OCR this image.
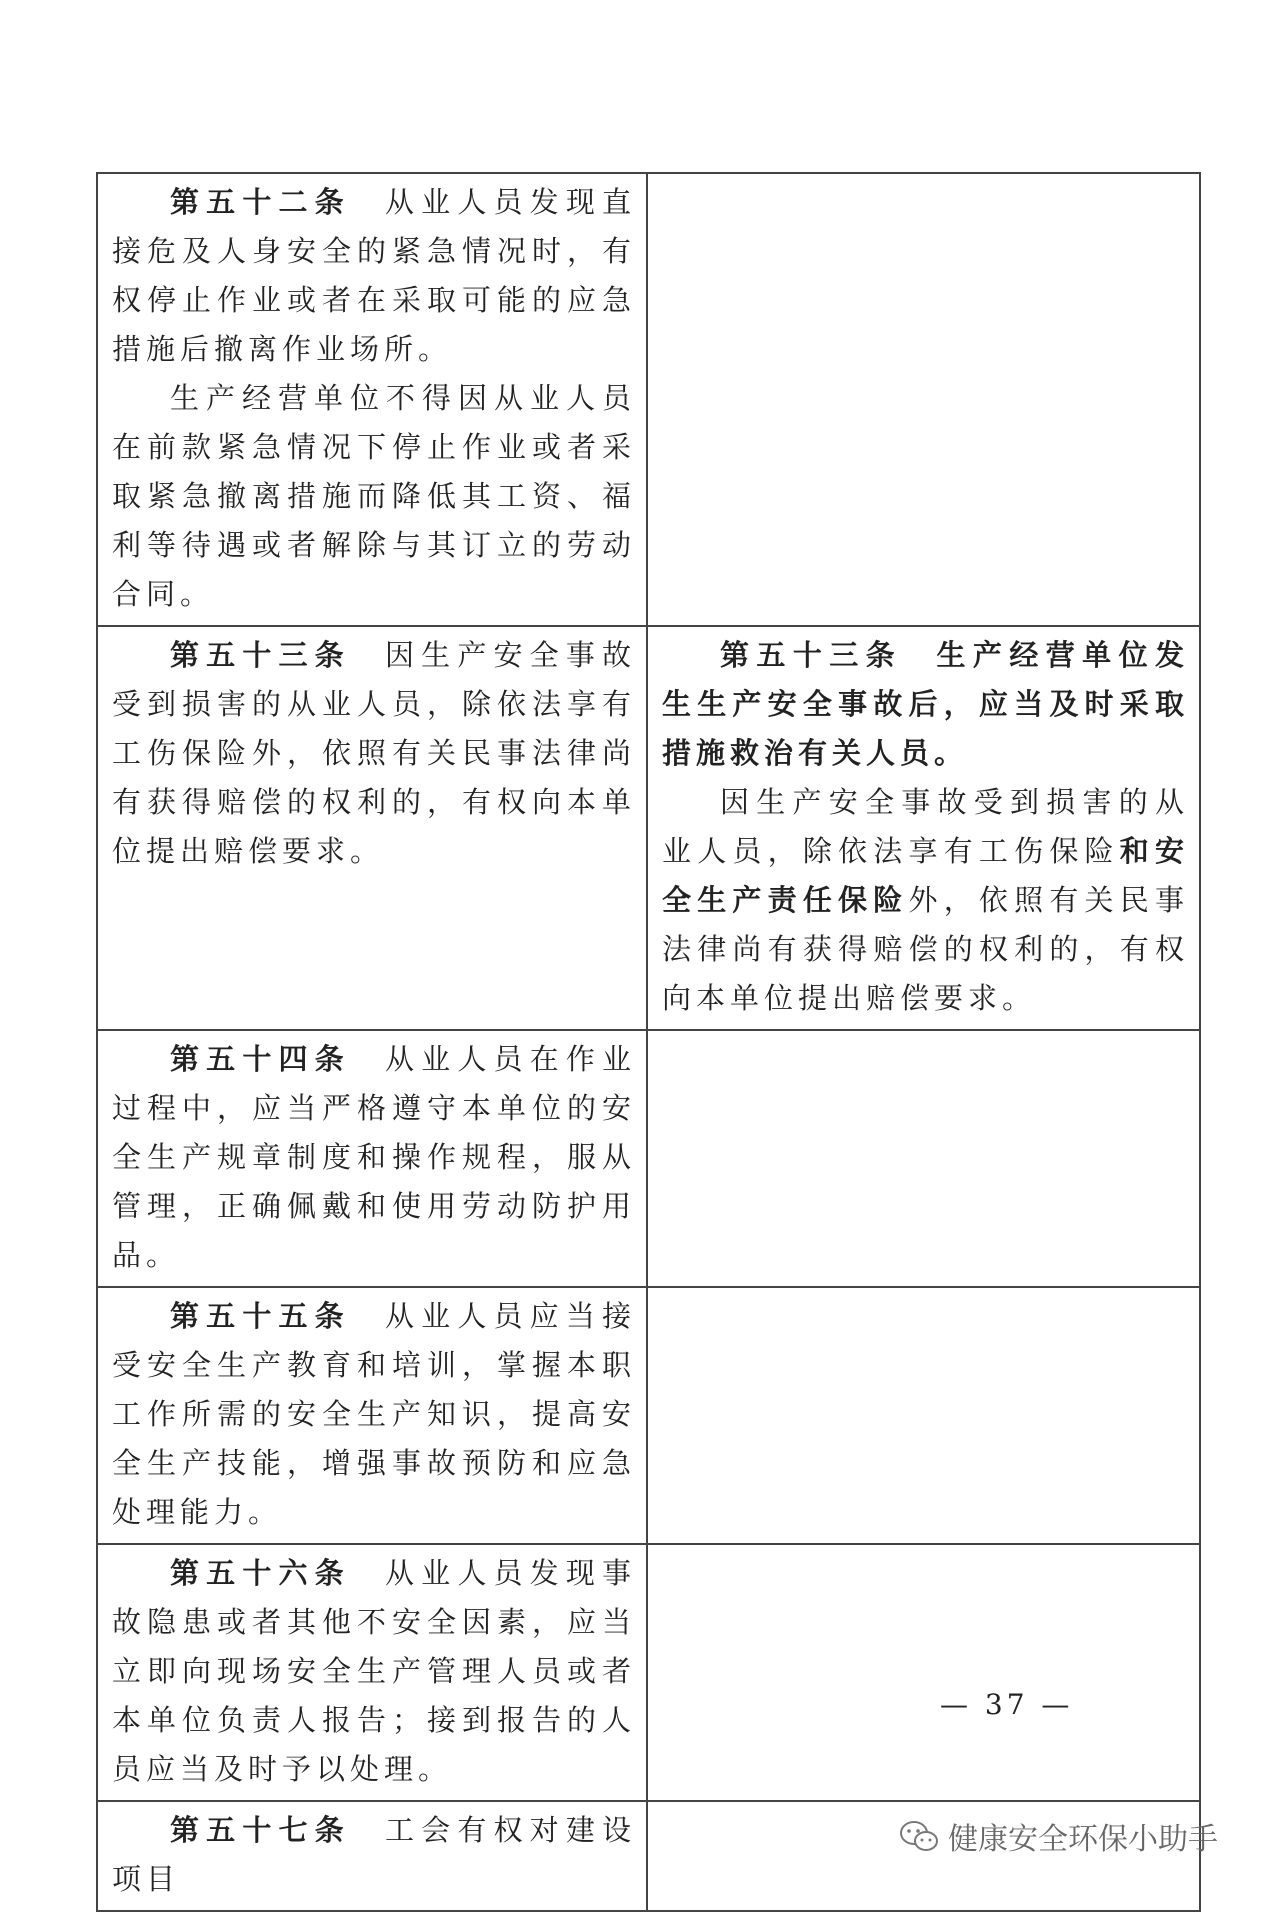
第五十二条 从业人员发现直接危及人身安全的紧急情况时，有权停止作业或者在采取可能的应急措施后撤离作业场所。

生产经营单位不得因从业人员在前款紧急情况下停止作业或者采取紧急撤离措施而降低其工资、福利等待遇或者解除与其订立的劳动合同。	

第五十三条 因生产安全事故受到损害的从业人员，除依法享有工伤保险外，依照有关民事法律尚有获得赔偿的权利的，有权向本单位提出赔偿要求。	第五十三条 生产经营单位发生生产安全事故后，应当及时采取措施救治有关人员。

因生产安全事故受到损害的从业人员，除依法享有工伤保险和安全生产责任保险外，依照有关民事法律尚有获得赔偿的权利的，有权向本单位提出赔偿要求。

第五十四条 从业人员在作业过程中，应当严格遵守本单位的安全生产规章制度和操作规程，服从管理，正确佩戴和使用劳动防护用品。	

第五十五条 从业人员应当接受安全生产教育和培训，掌握本职工作所需的安全生产知识，提高安全生产技能，增强事故预防和应急处理能力。	

第五十六条 从业人员发现事故隐患或者其他不安全因素，应当立即向现场安全生产管理人员或者本单位负责人报告；接到报告的人员应当及时予以处理。	

第五十七条 工会有权对建设项目	

— 37 —
健康安全环保小助手
